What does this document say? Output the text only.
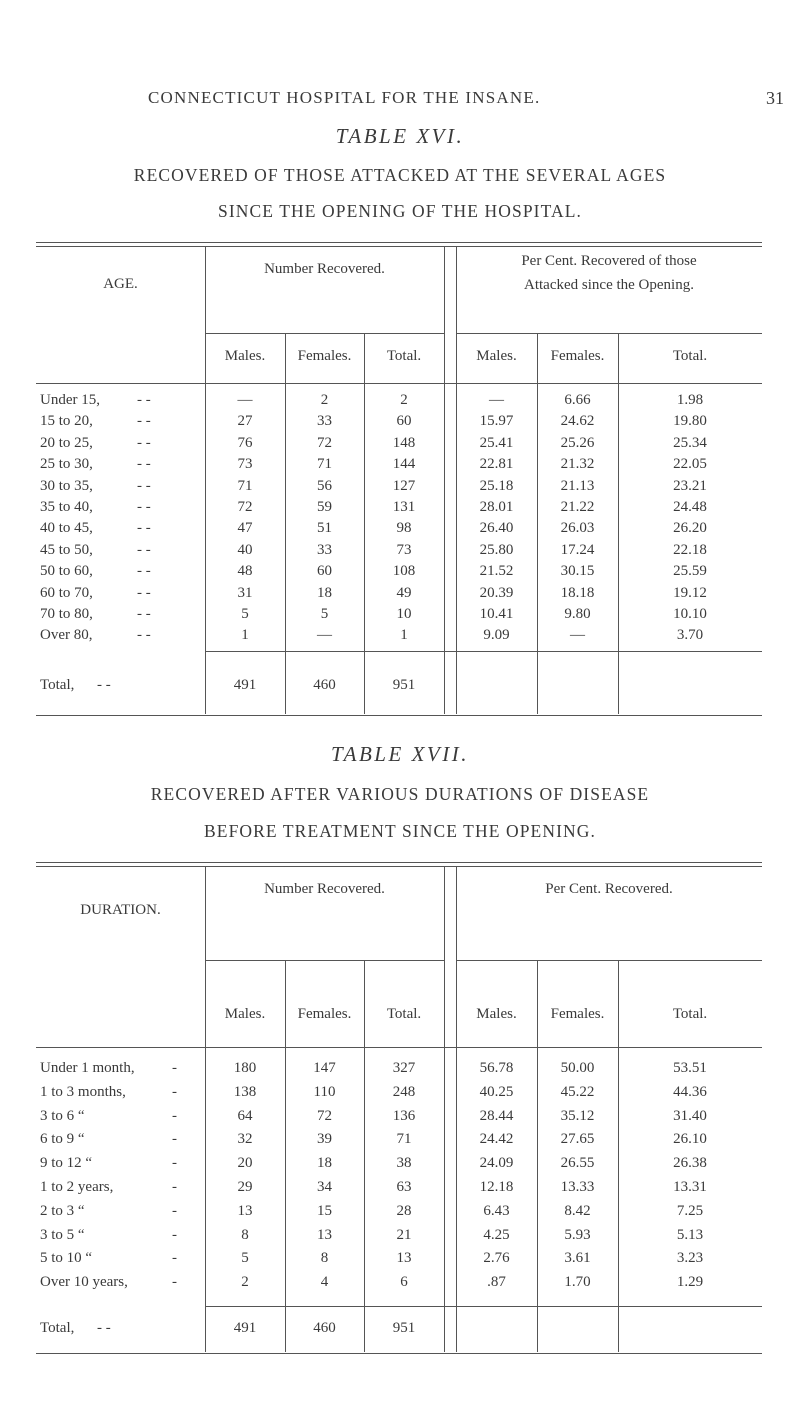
CONNECTICUT HOSPITAL FOR THE INSANE.	31
TABLE XVI.
RECOVERED OF THOSE ATTACKED AT THE SEVERAL AGES
SINCE THE OPENING OF THE HOSPITAL.
AGE.
Number Recovered.	Per Cent. Recovered of those
Attacked since the Opening.
Males.	Females.	Total.	Males.	Females.	Total.
Under 15,	- -	—	2	2	—	6.66	1.98
15 to 20,	- -	27	33	60	15.97	24.62	19.80
20 to 25,	- -	76	72	148	25.41	25.26	25.34
25 to 30,	- -	73	71	144	22.81	21.32	22.05
30 to 35,	- -	71	56	127	25.18	21.13	23.21
35 to 40,	- -	72	59	131	28.01	21.22	24.48
40 to 45,	- -	47	51	98	26.40	26.03	26.20
45 to 50,	- -	40	33	73	25.80	17.24	22.18
50 to 60,	- -	48	60	108	21.52	30.15	25.59
60 to 70,	- -	31	18	49	20.39	18.18	19.12
70 to 80,	- -	5	5	10	10.41	9.80	10.10
Over 80,	- -	1	—	1	9.09	—	3.70
Total,	- -	491	460	951
TABLE XVII.
RECOVERED AFTER VARIOUS DURATIONS OF DISEASE
BEFORE TREATMENT SINCE THE OPENING.
DURATION.
Number Recovered.	Per Cent. Recovered.
Males.	Females.	Total.	Males.	Females.	Total.
Under 1 month,	-	180	147	327	56.78	50.00	53.51
1 to 3 months,	-	138	110	248	40.25	45.22	44.36
3 to 6 “	-	64	72	136	28.44	35.12	31.40
6 to 9 “	-	32	39	71	24.42	27.65	26.10
9 to 12 “	-	20	18	38	24.09	26.55	26.38
1 to 2 years,	-	29	34	63	12.18	13.33	13.31
2 to 3 “	-	13	15	28	6.43	8.42	7.25
3 to 5 “	-	8	13	21	4.25	5.93	5.13
5 to 10 “	-	5	8	13	2.76	3.61	3.23
Over 10 years,	-	2	4	6	.87	1.70	1.29
Total,	- -	491	460	951
